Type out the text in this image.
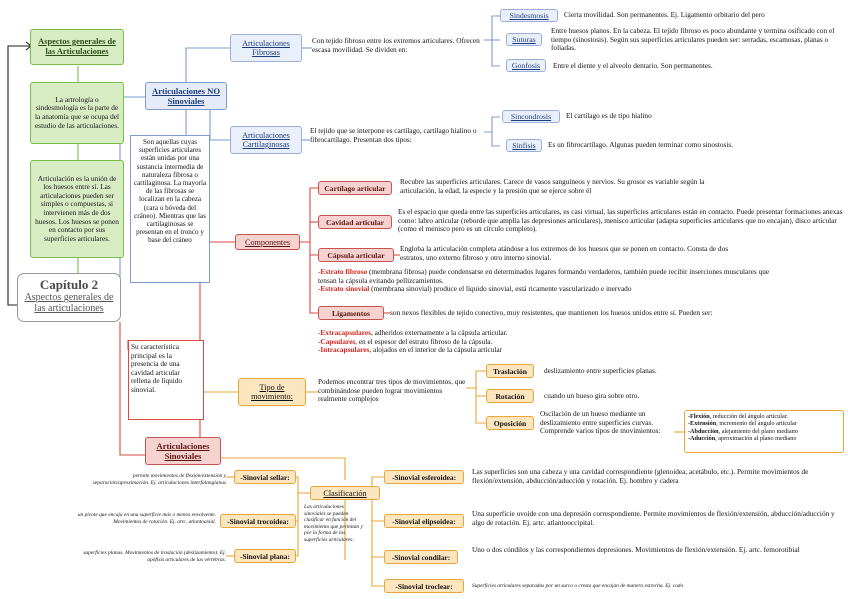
Aspectos generales de las Articulaciones
La artrología o sindesmología es la parte de la anatomía que se ocupa del estudio de las articulaciones.
Articulación es la unión de los huesos entre sí. Las articulaciones pueden ser simples o compuestas, si intervienen más de dos huesos. Los huesos se ponen en contacto por sus superficies articulares.
Capítulo 2
Aspectos generales de las articulaciones
Articulaciones NO Sinoviales
Son aquellas cuyas superficies articulares están unidas por una sustancia intermedia de naturaleza fibrosa o cartilaginosa. La mayoría de las fibrosas se localizan en la cabeza (cara o bóveda del cráneo). Mientras que las cartilaginosas se presentan en el tronco y base del cráneo
Articulaciones Fibrosas
Con tejido fibroso entre los extremos articulares. Ofrecen escasa movilidad. Se dividen en:
Sindesmosis	Cierta movilidad. Son permanentes. Ej. Ligamento orbitario del pero
Suturas
Entre huesos planos. En la cabeza. El tejido fibroso es poco abundante y termina osificado con el tiempo (sinostosis). Según sus superficies articulares pueden ser: serradas, escamosas, planas o foliadas.
Gonfosis	Entre el diente y el alveolo dentario. Son permanentes.
Articulaciones Cartilaginosas
El tejido que se interpone es cartílago, cartílago hialino o fibrocartílago. Presentan dos tipos:
Sincondrosis	El cartílago es de tipo hialino
Sínfisis	Es un fibrocartílago. Algunas pueden terminar como sinostosis.
Su característica principal es la presencia de una cavidad articular rellena de líquido sinovial.
Articulaciones Sinoviales
Componentes
Cartílago articular
Recubre las superficies articulares. Carece de vasos sanguíneos y nervios. Su grosor es variable según la articulación, la edad, la especie y la presión que se ejerce sobre él
Cavidad articular
Es el espacio que queda entre las superficies articulares, es casi virtual, las superficies articulares están en contacto. Puede presentar formaciones anexas como: labro articular (reborde que amplía las depresiones articulares), menisco articular (adapta superficies articulares que no encajan), disco articular (como el menisco pero es un círculo completo).
Cápsula articular
Engloba la articulación completa atándose a los extremos de los huesos que se ponen en contacto. Consta de dos estratos, uno externo fibroso y otro interno sinovial.
-Estrato fibroso (membrana fibrosa) puede condensarse en determinados lugares formando verdaderos, también puede recibir inserciones musculares que tensan la cápsula evitando pellizcamientos.
-Estrato sinovial (membrana sinovial) produce el líquido sinovial, está ricamente vascularizado e inervado
Ligamentos	son nexos flexibles de tejido conectivo, muy resistentes, que mantienen los huesos unidos entre sí. Pueden ser:
-Extracapsulares, adheridos externamente a la cápsula articular.
-Capsulares, en el espesor del estrato fibroso de la cápsula.
-Intracapsulares, alojados en el interior de la cápsula articular
Tipo de movimiento:
Podemos encontrar tres tipos de movimientos, que combinándose pueden lograr movimientos realmente complejos
Traslación	deslizamiento entre superficies planas.
Rotación	cuando un hueso gira sobre otro.
Oposición
Oscilación de un hueso mediante un deslizamiento entre superficies curvas. Comprende varios tipos de movimientos:
-Flexión, reducción del ángulo articular.
-Extensión, incremento del ángulo articular
-Abducción, alejamiento del plano mediano
-Aducción, aproximación al plano mediano
Clasificación
Las articulaciones sinoviales se pueden clasificar en función del movimiento que permitan y por la forma de las superficies articulares:
-Sinovial sellar:
permite movimientos de flexión/extensión y separación/aproximación. Ej. articulaciones interfalangianas
-Sinovial trocoidea:
un pivote que encaja en una superficie más o menos envolvente. Movimientos de rotación. Ej. artc. atlantoaxial.
-Sinovial plana:
superficies planas. Movimientos de traslación (deslizamiento). Ej. apófisis articulares de las vértebras.
-Sinovial esferoidea:
Las superficies son una cabeza y una cavidad correspondiente (glenoidea, acetábulo, etc.). Permite movimientos de flexión/extensión, abducción/aducción y rotación. Ej. hombro y cadera
-Sinovial elipsoidea:
Una superficie ovoide con una depresión correspondiente. Permite movimientos de flexión/extensión, abducción/aducción y algo de rotación. Ej. artc. atlantooccipital.
-Sinovial condilar:
Uno o dos cóndilos y las correspondientes depresiones. Movimientos de flexión/extensión. Ej. artc. femorotibial
-Sinovial troclear:	Superficies articulares separadas por un surco o cresta que encajan de manera estrecha. Ej. codo
